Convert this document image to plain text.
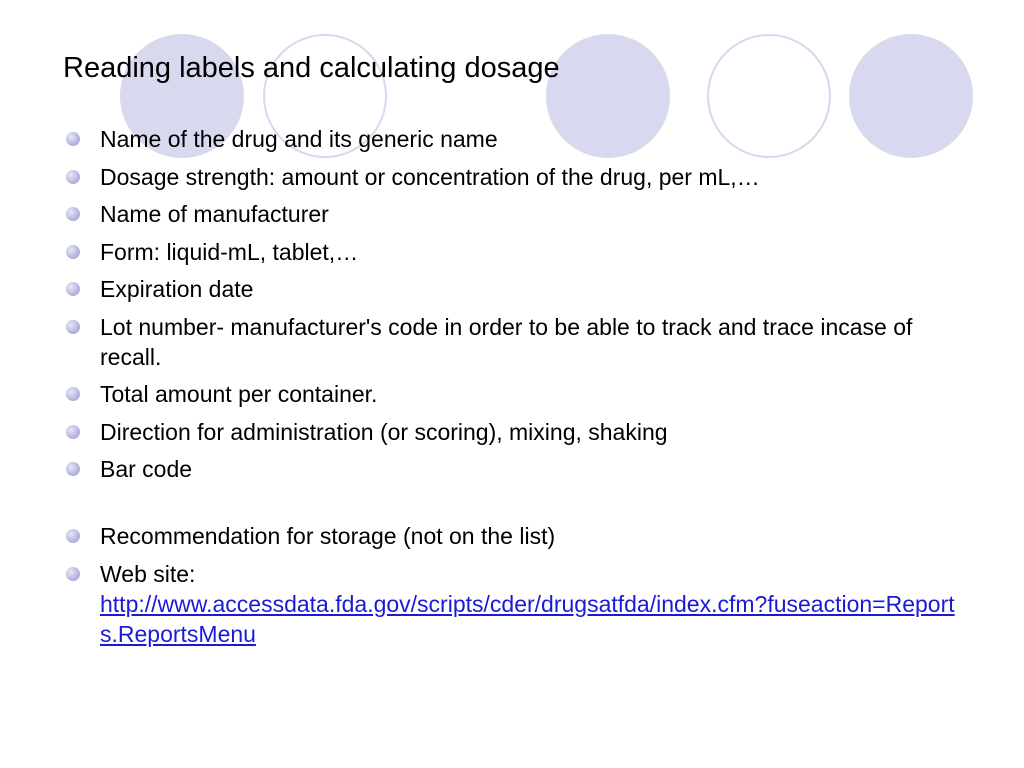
Reading labels and calculating dosage
Name of the drug and its generic name
Dosage strength: amount or concentration of the drug, per mL,…
Name of manufacturer
Form: liquid-mL, tablet,…
Expiration date
Lot number- manufacturer's code in order to be able to track and trace incase of recall.
Total amount per container.
Direction for administration (or scoring), mixing, shaking
Bar code
Recommendation for storage (not on the list)
Web site:
http://www.accessdata.fda.gov/scripts/cder/drugsatfda/index.cfm?fuseaction=Reports.ReportsMenu
